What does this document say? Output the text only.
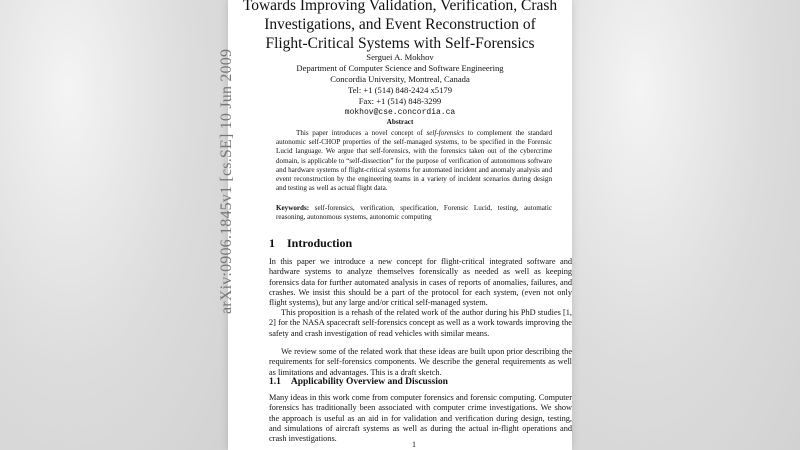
arXiv:0906.1845v1 [cs.SE] 10 Jun 2009
Towards Improving Validation, Verification, Crash
Investigations, and Event Reconstruction of
Flight-Critical Systems with Self-Forensics
Serguei A. Mokhov
Department of Computer Science and Software Engineering
Concordia University, Montreal, Canada
Tel: +1 (514) 848-2424 x5179
Fax: +1 (514) 848-3299
mokhov@cse.concordia.ca
Abstract
This paper introduces a novel concept of self-forensics to complement the standard autonomic self-CHOP properties of the self-managed systems, to be specified in the Forensic Lucid language. We argue that self-forensics, with the forensics taken out of the cybercrime domain, is applicable to “self-dissection” for the purpose of verification of autonomous software and hardware systems of flight-critical systems for automated incident and anomaly analysis and event reconstruction by the engineering teams in a variety of incident scenarios during design and testing as well as actual flight data.
Keywords: self-forensics, verification, specification, Forensic Lucid, testing, automatic reasoning, autonomous systems, autonomic computing
1 Introduction
In this paper we introduce a new concept for flight-critical integrated software and hardware systems to analyze themselves forensically as needed as well as keeping forensics data for further automated analysis in cases of reports of anomalies, failures, and crashes. We insist this should be a part of the protocol for each system, (even not only flight systems), but any large and/or critical self-managed system.
This proposition is a rehash of the related work of the author during his PhD studies [1, 2] for the NASA spacecraft self-forensics concept as well as a work towards improving the safety and crash investigation of read vehicles with similar means.
We review some of the related work that these ideas are built upon prior describing the requirements for self-forensics components. We describe the general requirements as well as limitations and advantages. This is a draft sketch.
1.1 Applicability Overview and Discussion
Many ideas in this work come from computer forensics and forensic computing. Computer forensics has traditionally been associated with computer crime investigations. We show the approach is useful as an aid in for validation and verification during design, testing, and simulations of aircraft systems as well as during the actual in-flight operations and crash investigations.
1
